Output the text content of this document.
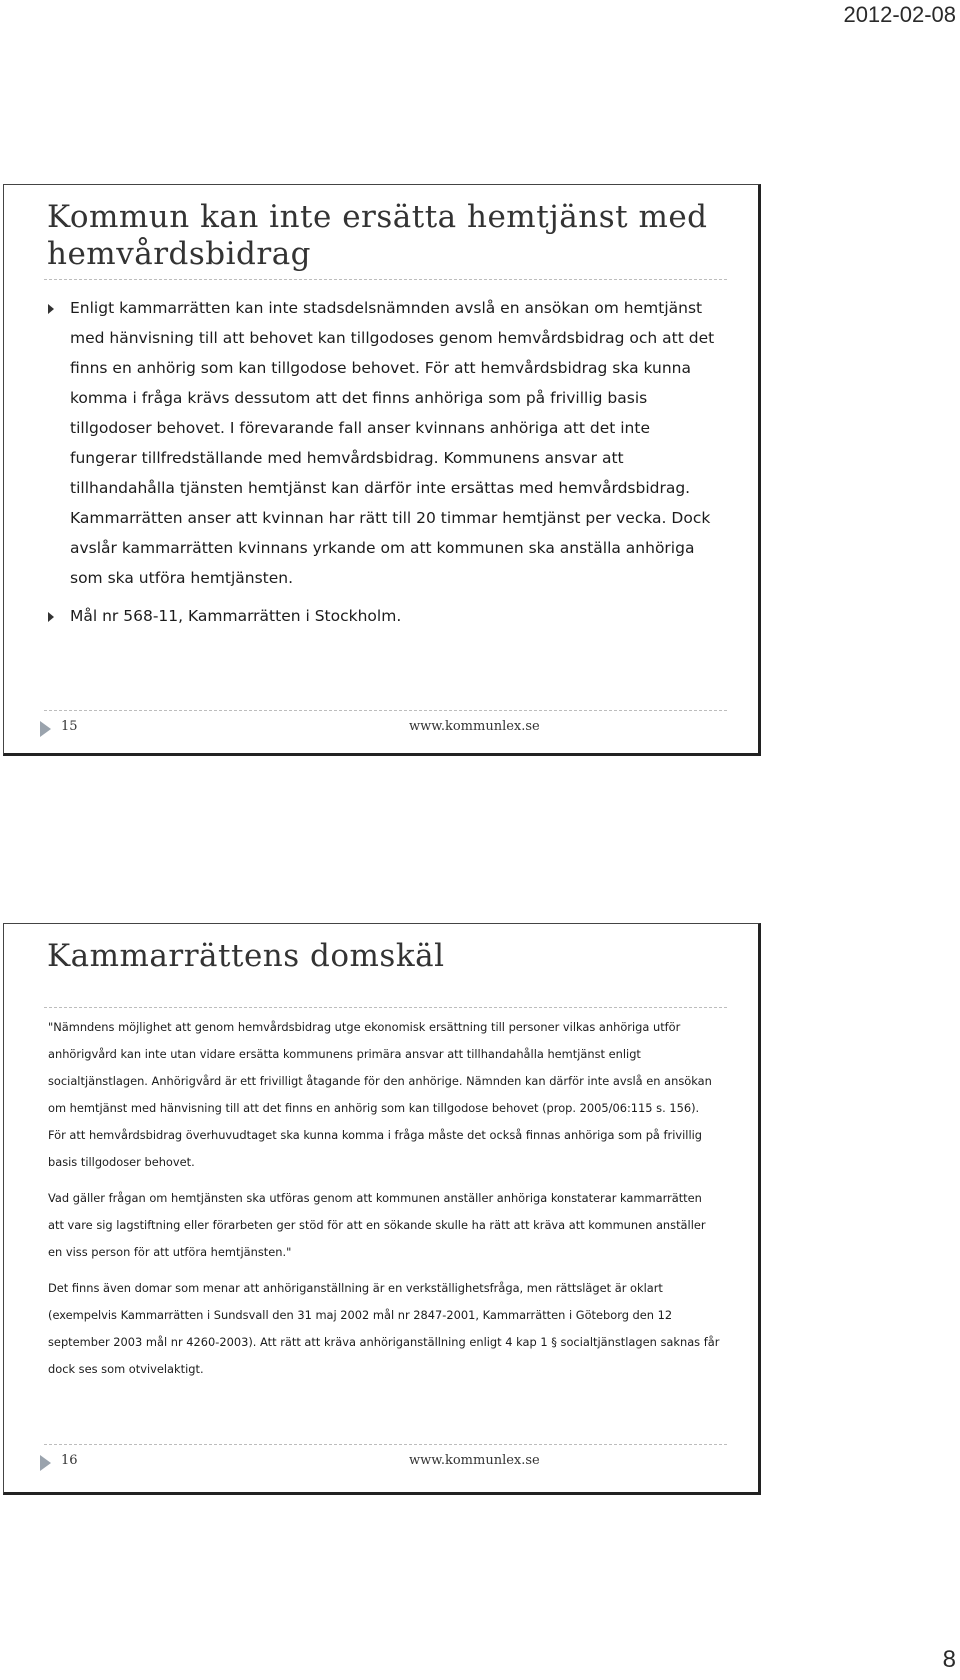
2012-02-08
Kommun kan inte ersätta hemtjänst med hemvårdsbidrag
Enligt kammarrätten kan inte stadsdelsnämnden avslå en ansökan om hemtjänst med hänvisning till att behovet kan tillgodoses genom hemvårdsbidrag och att det finns en anhörig som kan tillgodose behovet. För att hemvårdsbidrag ska kunna komma i fråga krävs dessutom att det finns anhöriga som på frivillig basis tillgodoser behovet. I förevarande fall anser kvinnans anhöriga att det inte fungerar tillfredställande med hemvårdsbidrag. Kommunens ansvar att tillhandahålla tjänsten hemtjänst kan därför inte ersättas med hemvårdsbidrag. Kammarrätten anser att kvinnan har rätt till 20 timmar hemtjänst per vecka. Dock avslår kammarrätten kvinnans yrkande om att kommunen ska anställa anhöriga som ska utföra hemtjänsten.
Mål nr 568-11, Kammarrätten i Stockholm.
15	www.kommunlex.se
Kammarrättens domskäl

"Nämndens möjlighet att genom hemvårdsbidrag utge ekonomisk ersättning till personer vilkas anhöriga utför anhörigvård kan inte utan vidare ersätta kommunens primära ansvar att tillhandahålla hemtjänst enligt socialtjänstlagen. Anhörigvård är ett frivilligt åtagande för den anhörige. Nämnden kan därför inte avslå en ansökan om hemtjänst med hänvisning till att det finns en anhörig som kan tillgodose behovet (prop. 2005/06:115 s. 156). För att hemvårdsbidrag överhuvudtaget ska kunna komma i fråga måste det också finnas anhöriga som på frivillig basis tillgodoser behovet.

Vad gäller frågan om hemtjänsten ska utföras genom att kommunen anställer anhöriga konstaterar kammarrätten att vare sig lagstiftning eller förarbeten ger stöd för att en sökande skulle ha rätt att kräva att kommunen anställer en viss person för att utföra hemtjänsten."

Det finns även domar som menar att anhöriganställning är en verkställighetsfråga, men rättsläget är oklart (exempelvis Kammarrätten i Sundsvall den 31 maj 2002 mål nr 2847-2001, Kammarrätten i Göteborg den 12 september 2003 mål nr 4260-2003). Att rätt att kräva anhöriganställning enligt 4 kap 1 § socialtjänstlagen saknas får dock ses som otvivelaktigt.

16	www.kommunlex.se
8
